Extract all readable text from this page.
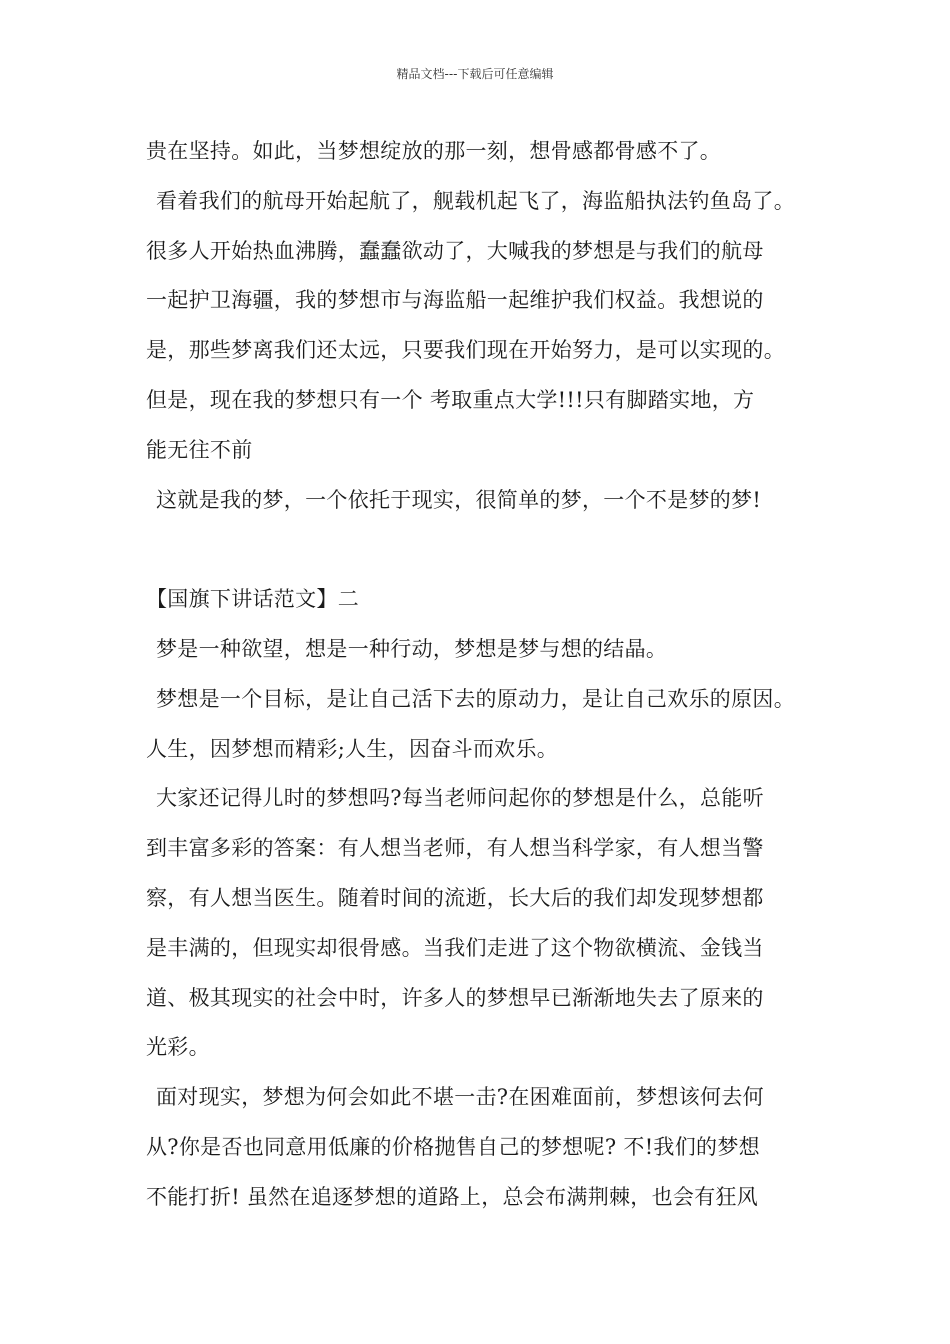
精品文档---下载后可任意编辑
贵在坚持。如此，当梦想绽放的那一刻，想骨感都骨感不了。
看着我们的航母开始起航了，舰载机起飞了，海监船执法钓鱼岛了。
很多人开始热血沸腾，蠢蠢欲动了，大喊我的梦想是与我们的航母
一起护卫海疆，我的梦想市与海监船一起维护我们权益。我想说的
是，那些梦离我们还太远，只要我们现在开始努力，是可以实现的。
但是，现在我的梦想只有一个 考取重点大学!!!只有脚踏实地，方
能无往不前
这就是我的梦，一个依托于现实，很简单的梦，一个不是梦的梦!
【国旗下讲话范文】二
梦是一种欲望，想是一种行动，梦想是梦与想的结晶。
梦想是一个目标，是让自己活下去的原动力，是让自己欢乐的原因。
人生，因梦想而精彩;人生，因奋斗而欢乐。
大家还记得儿时的梦想吗?每当老师问起你的梦想是什么，总能听
到丰富多彩的答案：有人想当老师，有人想当科学家，有人想当警
察，有人想当医生。随着时间的流逝，长大后的我们却发现梦想都
是丰满的，但现实却很骨感。当我们走进了这个物欲横流、金钱当
道、极其现实的社会中时，许多人的梦想早已渐渐地失去了原来的
光彩。
面对现实，梦想为何会如此不堪一击?在困难面前，梦想该何去何
从?你是否也同意用低廉的价格抛售自己的梦想呢? 不!我们的梦想
不能打折! 虽然在追逐梦想的道路上，总会布满荆棘，也会有狂风
